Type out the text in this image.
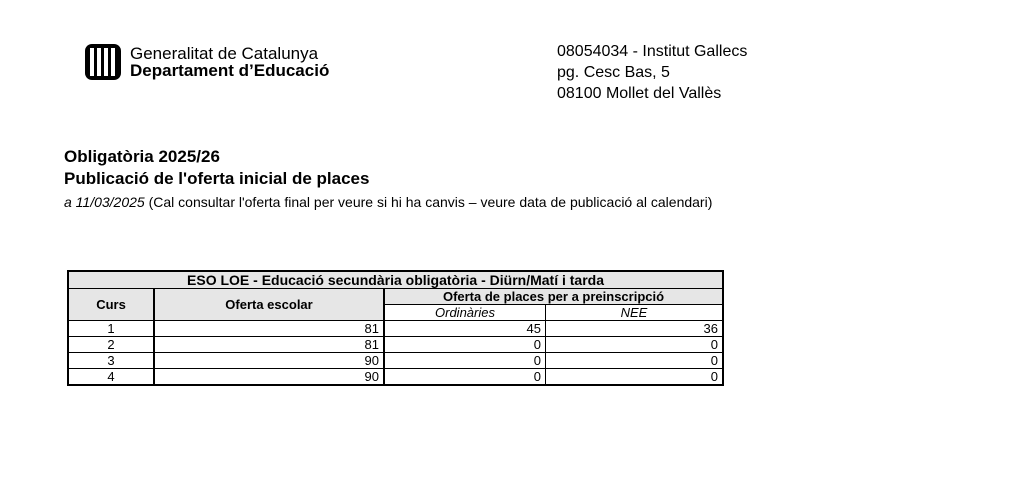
Generalitat de Catalunya
Departament d’Educació
08054034 - Institut Gallecs
pg. Cesc Bas, 5
08100 Mollet del Vallès
Obligatòria 2025/26
Publicació de l'oferta inicial de places
a 11/03/2025 (Cal consultar l'oferta final per veure si hi ha canvis – veure data de publicació al calendari)
ESO LOE - Educació secundària obligatòria - Diürn/Matí i tarda			
Curs	Oferta escolar	Oferta de places per a preinscripció	
		Ordinàries	NEE
1	81	45	36
2	81	0	0
3	90	0	0
4	90	0	0
